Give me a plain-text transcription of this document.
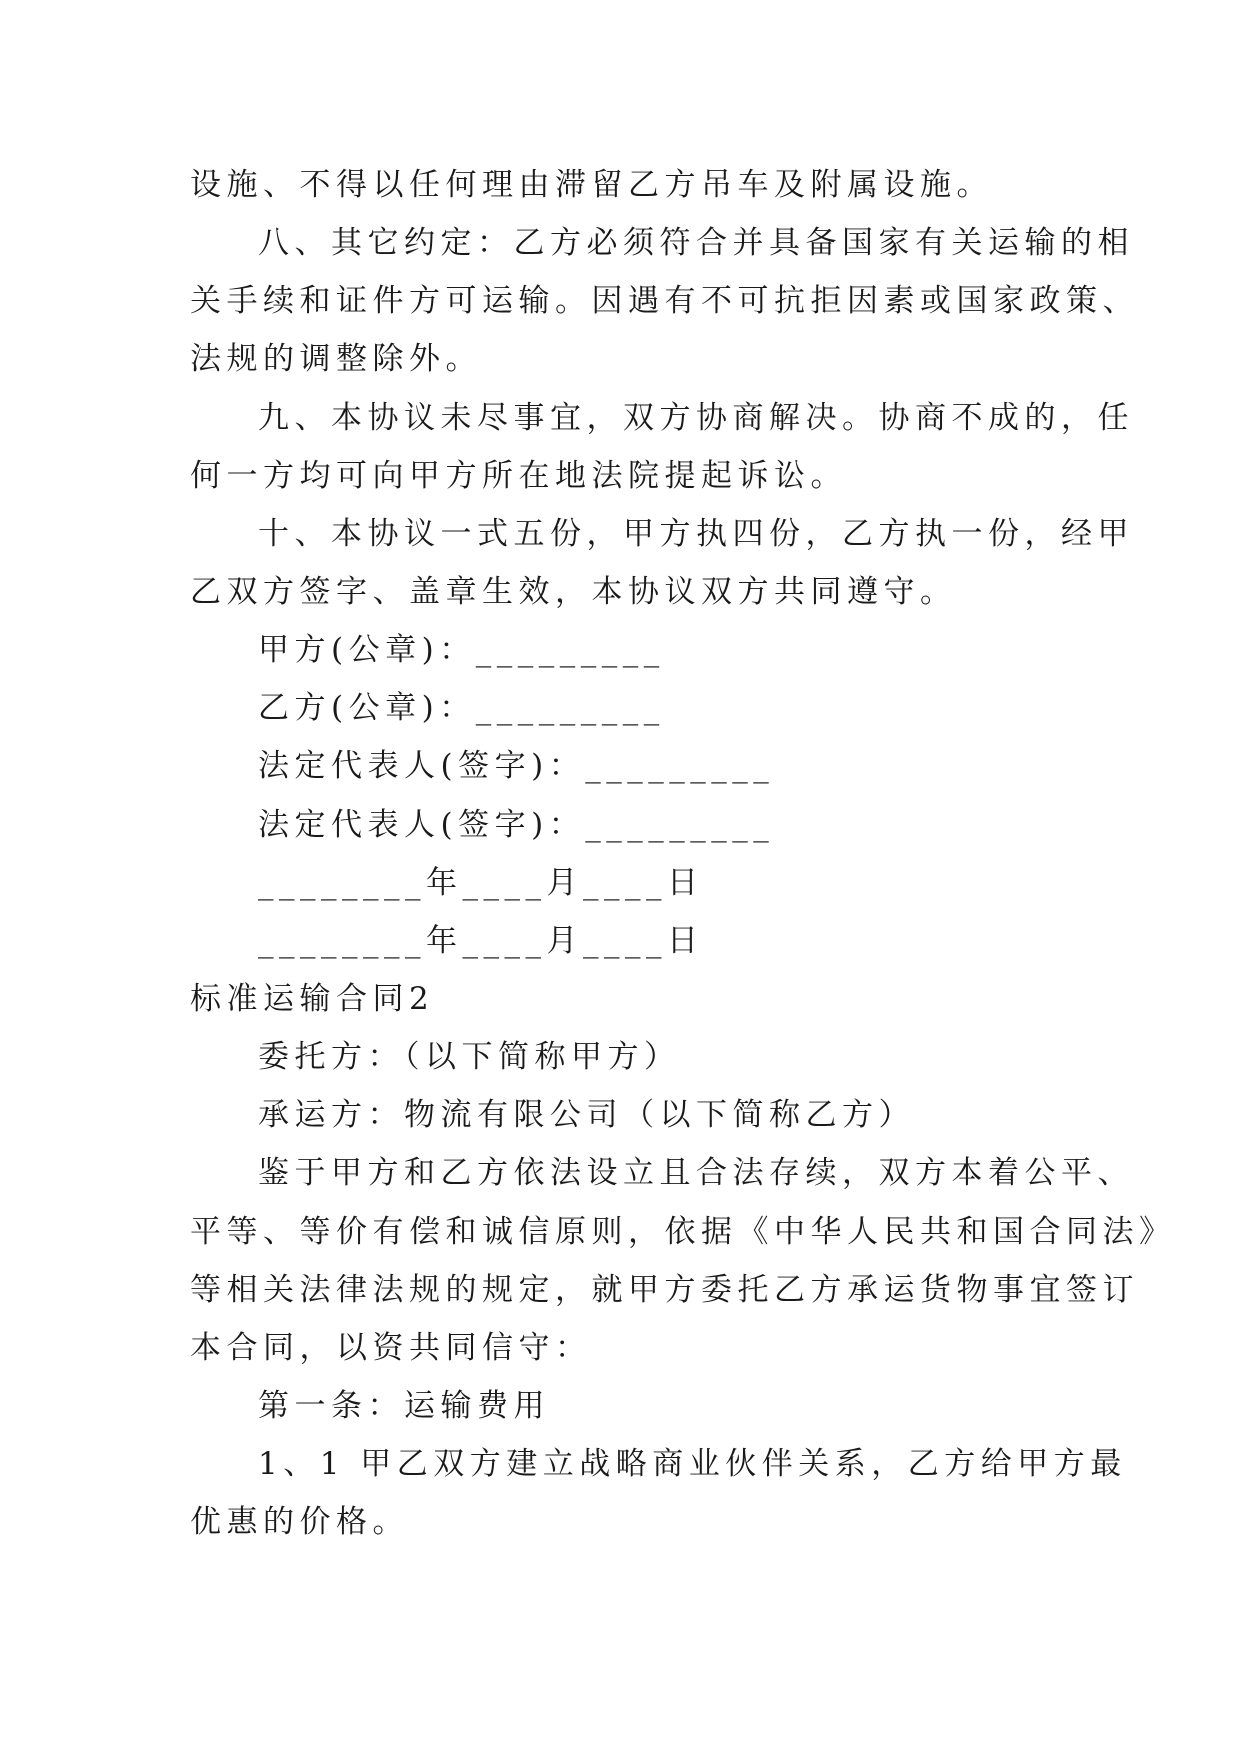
设施、不得以任何理由滞留乙方吊车及附属设施。
八、其它约定：乙方必须符合并具备国家有关运输的相
关手续和证件方可运输。因遇有不可抗拒因素或国家政策、
法规的调整除外。
九、本协议未尽事宜，双方协商解决。协商不成的，任
何一方均可向甲方所在地法院提起诉讼。
十、本协议一式五份，甲方执四份，乙方执一份，经甲
乙双方签字、盖章生效，本协议双方共同遵守。
甲方(公章)：_________
乙方(公章)：_________
法定代表人(签字)：_________
法定代表人(签字)：_________
________年____月____日
________年____月____日
标准运输合同2
委托方：（以下简称甲方）
承运方：物流有限公司（以下简称乙方）
鉴于甲方和乙方依法设立且合法存续，双方本着公平、
平等、等价有偿和诚信原则，依据《中华人民共和国合同法》
等相关法律法规的规定，就甲方委托乙方承运货物事宜签订
本合同，以资共同信守：
第一条：运输费用
1、1 甲乙双方建立战略商业伙伴关系，乙方给甲方最
优惠的价格。
